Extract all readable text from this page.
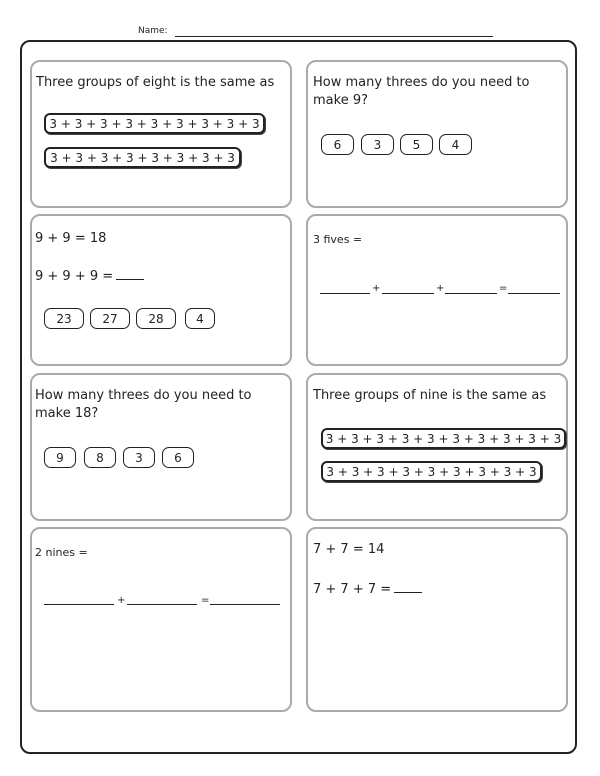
Name:
Three groups of eight is the same as
3 + 3 + 3 + 3 + 3 + 3 + 3 + 3 + 3
3 + 3 + 3 + 3 + 3 + 3 + 3 + 3
How many threes do you need to make 9?
6	3	5	4
9 + 9 = 18
9 + 9 + 9 =
23	27	28	4
3 fives =
+	+	=
How many threes do you need to make 18?
9	8	3	6
Three groups of nine is the same as
3 + 3 + 3 + 3 + 3 + 3 + 3 + 3 + 3 + 3
3 + 3 + 3 + 3 + 3 + 3 + 3 + 3 + 3
2 nines =
+	=
7 + 7 = 14
7 + 7 + 7 =
